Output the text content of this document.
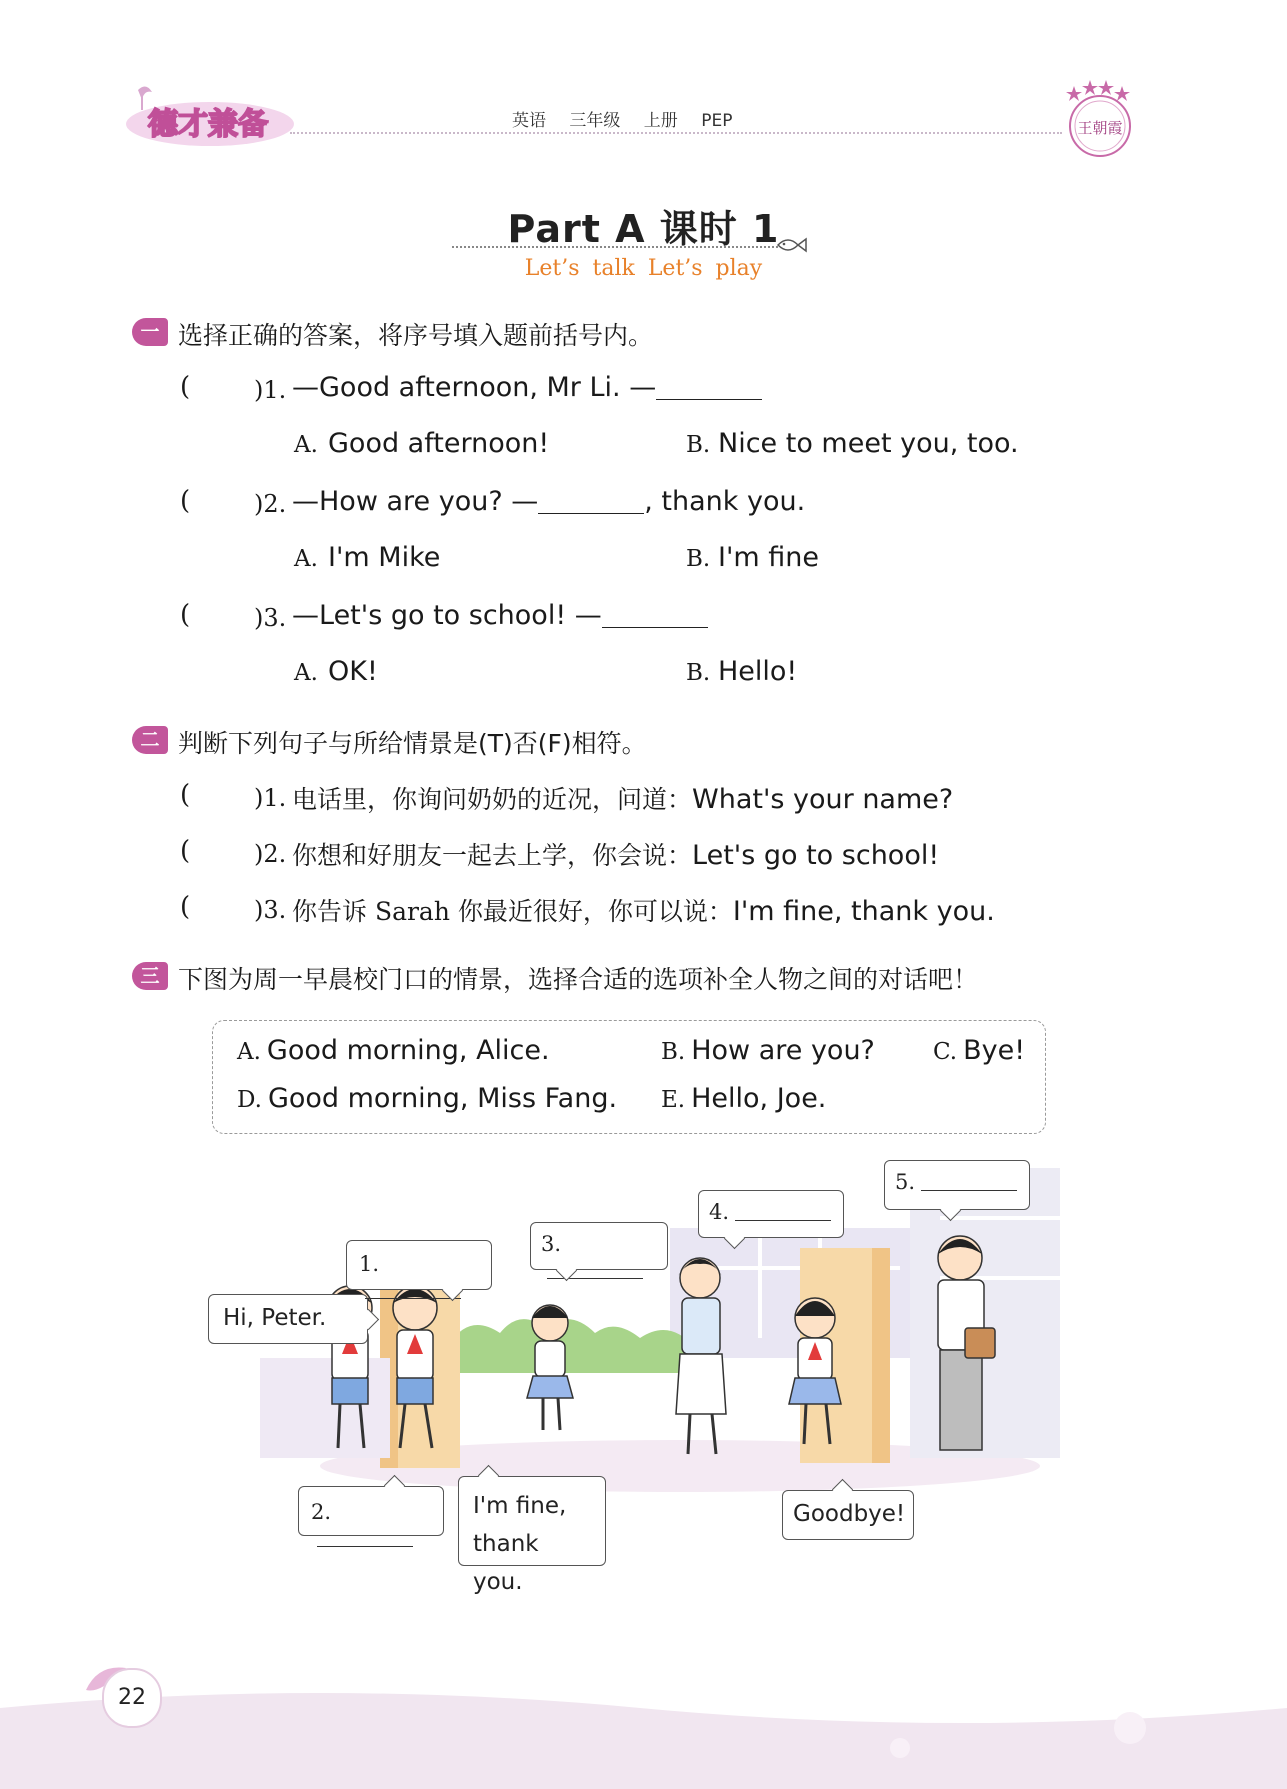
德才兼备	英语 三年级 上册 PEP	王朝霞
Part A 课时 1
Let’s talk Let’s play
一 选择正确的答案，将序号填入题前括号内。
(	)1. —Good afternoon, Mr Li. —
A. Good afternoon!	B. Nice to meet you, too.
(	)2. —How are you? —	, thank you.
A. I'm Mike	B. I'm fine
(	)3. —Let's go to school! —
A. OK!	B. Hello!
二 判断下列句子与所给情景是(T)否(F)相符。
(	)1. 电话里，你询问奶奶的近况，问道：What's your name?
(	)2. 你想和好朋友一起去上学，你会说：Let's go to school!
(	)3. 你告诉 Sarah 你最近很好，你可以说：I'm fine, thank you.
三 下图为周一早晨校门口的情景，选择合适的选项补全人物之间的对话吧！
A. Good morning, Alice.	B. How are you?	C. Bye!
D. Good morning, Miss Fang. E. Hello, Joe.
Hi, Peter.
1.
2.	I'm fine,
thank you.
3.
4.
5.
Goodbye!
22
